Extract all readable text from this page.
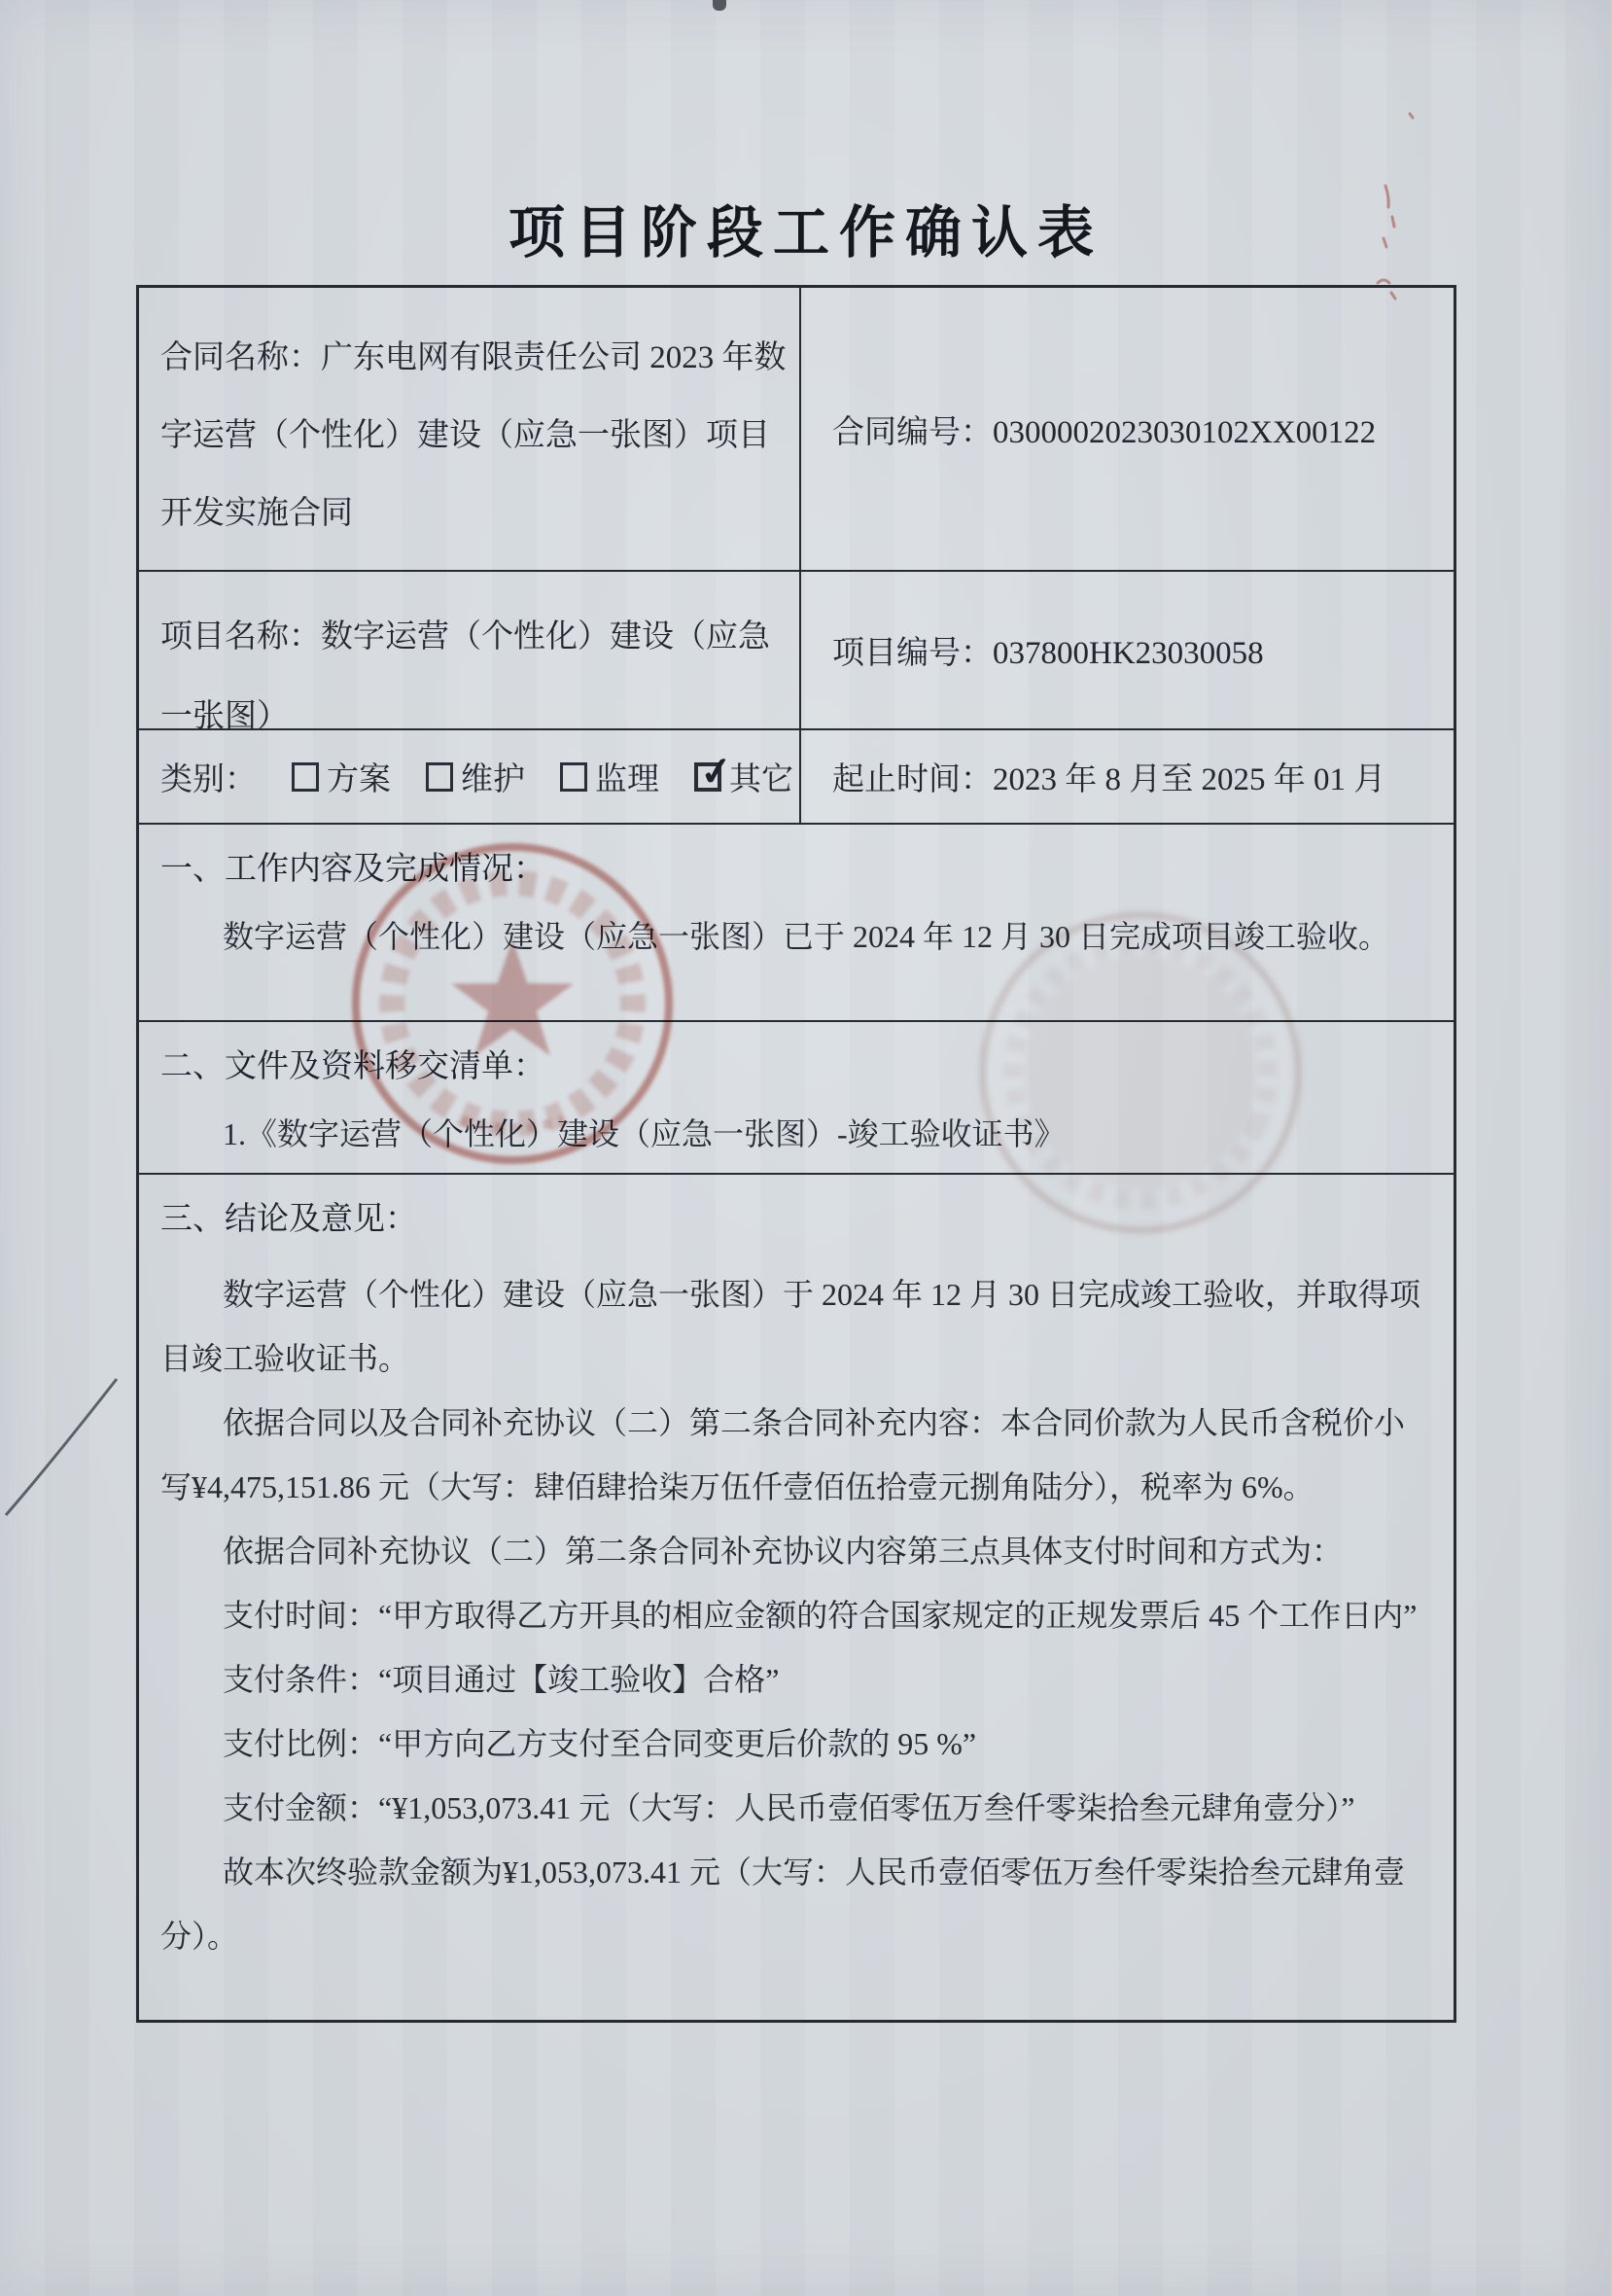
项目阶段工作确认表
合同名称：广东电网有限责任公司 2023 年数字运营（个性化）建设（应急一张图）项目开发实施合同
合同编号：0300002023030102XX00122
项目名称：数字运营（个性化）建设（应急一张图）
项目编号：037800HK23030058
类别： 方案 维护 监理 ✓
其它 起止时间：2023 年 8 月至 2025 年 01 月

一、工作内容及完成情况：

数字运营（个性化）建设（应急一张图）已于 2024 年 12 月 30 日完成项目竣工验收。

二、文件及资料移交清单：

1.《数字运营（个性化）建设（应急一张图）-竣工验收证书》

三、结论及意见：

数字运营（个性化）建设（应急一张图）于 2024 年 12 月 30 日完成竣工验收，并取得项目竣工验收证书。

依据合同以及合同补充协议（二）第二条合同补充内容：本合同价款为人民币含税价小写¥4,475,151.86 元（大写：肆佰肆拾柒万伍仟壹佰伍拾壹元捌角陆分），税率为 6%。

依据合同补充协议（二）第二条合同补充协议内容第三点具体支付时间和方式为：

支付时间：“甲方取得乙方开具的相应金额的符合国家规定的正规发票后 45 个工作日内”

支付条件：“项目通过【竣工验收】合格”

支付比例：“甲方向乙方支付至合同变更后价款的 95 %”

支付金额：“¥1,053,073.41 元（大写：人民币壹佰零伍万叁仟零柒拾叁元肆角壹分）”

故本次终验款金额为¥1,053,073.41 元（大写：人民币壹佰零伍万叁仟零柒拾叁元肆角壹分）。
